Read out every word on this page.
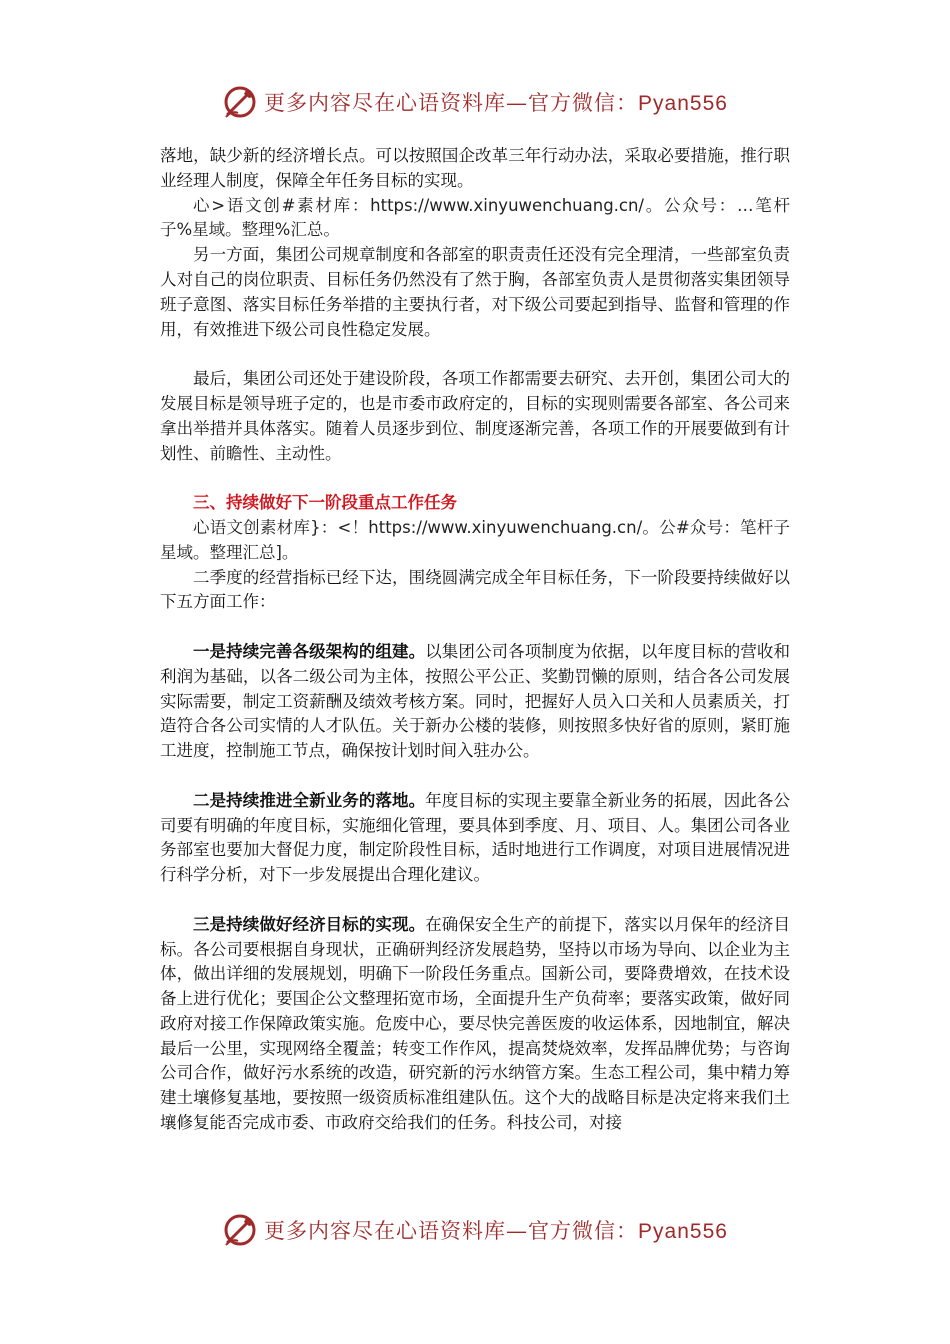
更多内容尽在心语资料库—官方微信：Pyan556

落地，缺少新的经济增长点。可以按照国企改革三年行动办法，采取必要措施，推行职业经理人制度，保障全年任务目标的实现。

心>语文创#素材库：https://www.xinyuwenchuang.cn/。公众号：…笔杆子%星域。整理%汇总。

另一方面，集团公司规章制度和各部室的职责责任还没有完全理清，一些部室负责人对自己的岗位职责、目标任务仍然没有了然于胸，各部室负责人是贯彻落实集团领导班子意图、落实目标任务举措的主要执行者，对下级公司要起到指导、监督和管理的作用，有效推进下级公司良性稳定发展。

最后，集团公司还处于建设阶段，各项工作都需要去研究、去开创，集团公司大的发展目标是领导班子定的，也是市委市政府定的，目标的实现则需要各部室、各公司来拿出举措并具体落实。随着人员逐步到位、制度逐渐完善，各项工作的开展要做到有计划性、前瞻性、主动性。

三、持续做好下一阶段重点工作任务

心语文创素材库}：<！https://www.xinyuwenchuang.cn/。公#众号：笔杆子星域。整理汇总]。

二季度的经营指标已经下达，围绕圆满完成全年目标任务，下一阶段要持续做好以下五方面工作：

一是持续完善各级架构的组建。以集团公司各项制度为依据，以年度目标的营收和利润为基础，以各二级公司为主体，按照公平公正、奖勤罚懒的原则，结合各公司发展实际需要，制定工资薪酬及绩效考核方案。同时，把握好人员入口关和人员素质关，打造符合各公司实情的人才队伍。关于新办公楼的装修，则按照多快好省的原则，紧盯施工进度，控制施工节点，确保按计划时间入驻办公。

二是持续推进全新业务的落地。年度目标的实现主要靠全新业务的拓展，因此各公司要有明确的年度目标，实施细化管理，要具体到季度、月、项目、人。集团公司各业务部室也要加大督促力度，制定阶段性目标，适时地进行工作调度，对项目进展情况进行科学分析，对下一步发展提出合理化建议。

三是持续做好经济目标的实现。在确保安全生产的前提下，落实以月保年的经济目标。各公司要根据自身现状，正确研判经济发展趋势，坚持以市场为导向、以企业为主体，做出详细的发展规划，明确下一阶段任务重点。国新公司，要降费增效，在技术设备上进行优化；要国企公文整理拓宽市场，全面提升生产负荷率；要落实政策，做好同政府对接工作保障政策实施。危废中心，要尽快完善医废的收运体系，因地制宜，解决最后一公里，实现网络全覆盖；转变工作作风，提高焚烧效率，发挥品牌优势；与咨询公司合作，做好污水系统的改造，研究新的污水纳管方案。生态工程公司，集中精力筹建土壤修复基地，要按照一级资质标准组建队伍。这个大的战略目标是决定将来我们土壤修复能否完成市委、市政府交给我们的任务。科技公司，对接

更多内容尽在心语资料库—官方微信：Pyan556
